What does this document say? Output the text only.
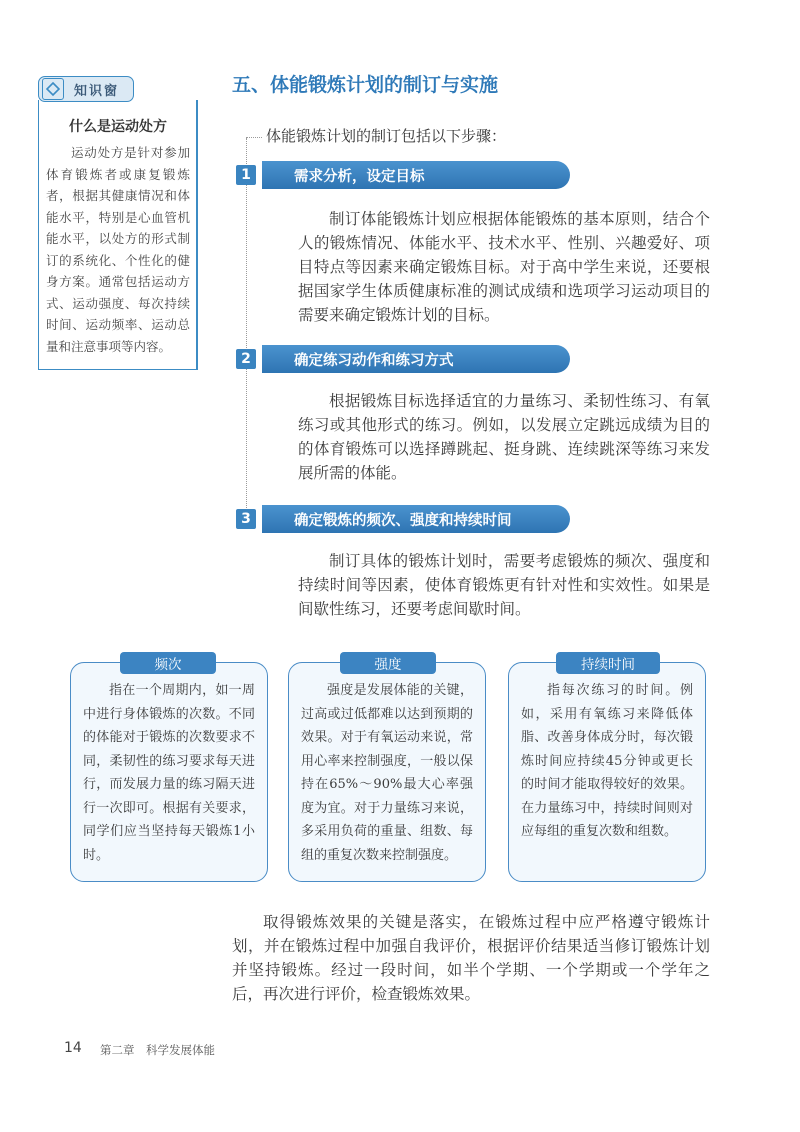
知识窗
什么是运动处方
运动处方是针对参加体育锻炼者或康复锻炼者，根据其健康情况和体能水平，特别是心血管机能水平，以处方的形式制订的系统化、个性化的健身方案。通常包括运动方式、运动强度、每次持续时间、运动频率、运动总量和注意事项等内容。
五、体能锻炼计划的制订与实施
体能锻炼计划的制订包括以下步骤：
1	需求分析，设定目标
制订体能锻炼计划应根据体能锻炼的基本原则，结合个人的锻炼情况、体能水平、技术水平、性别、兴趣爱好、项目特点等因素来确定锻炼目标。对于高中学生来说，还要根据国家学生体质健康标准的测试成绩和选项学习运动项目的需要来确定锻炼计划的目标。
2	确定练习动作和练习方式
根据锻炼目标选择适宜的力量练习、柔韧性练习、有氧练习或其他形式的练习。例如，以发展立定跳远成绩为目的的体育锻炼可以选择蹲跳起、挺身跳、连续跳深等练习来发展所需的体能。
3	确定锻炼的频次、强度和持续时间
制订具体的锻炼计划时，需要考虑锻炼的频次、强度和持续时间等因素，使体育锻炼更有针对性和实效性。如果是间歇性练习，还要考虑间歇时间。
指在一个周期内，如一周中进行身体锻炼的次数。不同的体能对于锻炼的次数要求不同，柔韧性的练习要求每天进行，而发展力量的练习隔天进行一次即可。根据有关要求，同学们应当坚持每天锻炼1小时。
频次
强度是发展体能的关键，过高或过低都难以达到预期的效果。对于有氧运动来说，常用心率来控制强度，一般以保持在65%～90%最大心率强度为宜。对于力量练习来说，多采用负荷的重量、组数、每组的重复次数来控制强度。
强度
指每次练习的时间。例如，采用有氧练习来降低体脂、改善身体成分时，每次锻炼时间应持续45分钟或更长的时间才能取得较好的效果。在力量练习中，持续时间则对应每组的重复次数和组数。
持续时间
取得锻炼效果的关键是落实，在锻炼过程中应严格遵守锻炼计划，并在锻炼过程中加强自我评价，根据评价结果适当修订锻炼计划并坚持锻炼。经过一段时间，如半个学期、一个学期或一个学年之后，再次进行评价，检查锻炼效果。
14 第二章　科学发展体能
